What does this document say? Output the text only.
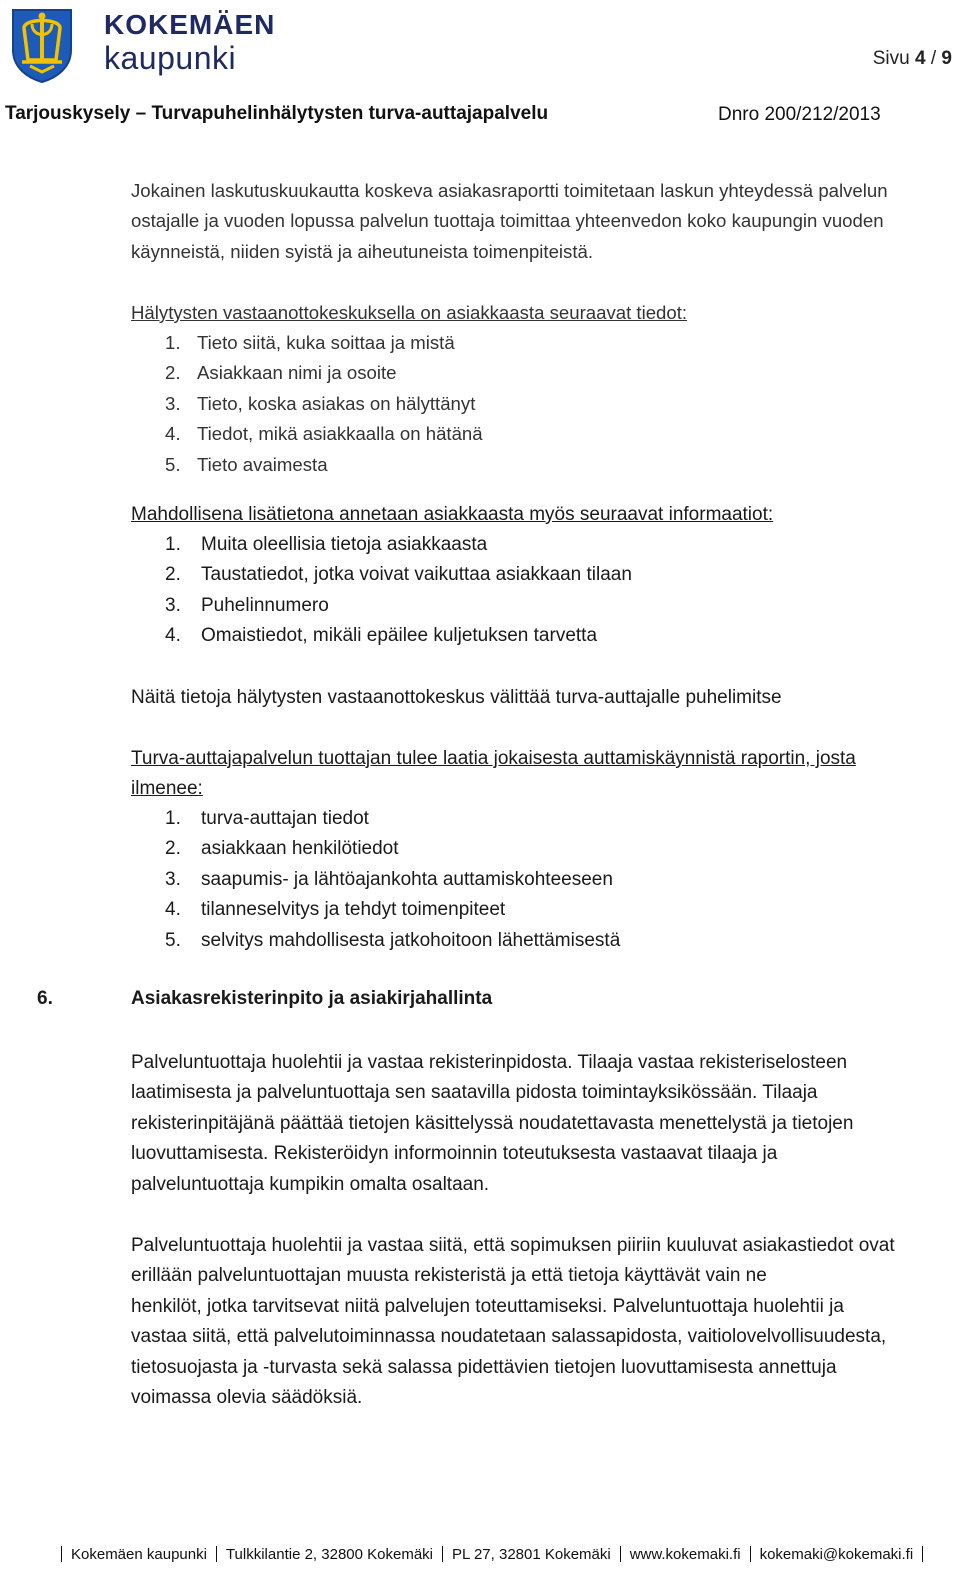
KOKEMÄEN
kaupunki	Sivu 4 / 9
Tarjouskysely – Turvapuhelinhälytysten turva-auttajapalvelu	Dnro 200/212/2013
Jokainen laskutuskuukautta koskeva asiakasraportti toimitetaan laskun yhteydessä palvelun
ostajalle ja vuoden lopussa palvelun tuottaja toimittaa yhteenvedon koko kaupungin vuoden
käynneistä, niiden syistä ja aiheutuneista toimenpiteistä.
Hälytysten vastaanottokeskuksella on asiakkaasta seuraavat tiedot:
1. Tieto siitä, kuka soittaa ja mistä
2. Asiakkaan nimi ja osoite
3. Tieto, koska asiakas on hälyttänyt
4. Tiedot, mikä asiakkaalla on hätänä
5. Tieto avaimesta
Mahdollisena lisätietona annetaan asiakkaasta myös seuraavat informaatiot:
1. Muita oleellisia tietoja asiakkaasta
2. Taustatiedot, jotka voivat vaikuttaa asiakkaan tilaan
3. Puhelinnumero
4. Omaistiedot, mikäli epäilee kuljetuksen tarvetta
Näitä tietoja hälytysten vastaanottokeskus välittää turva-auttajalle puhelimitse
Turva-auttajapalvelun tuottajan tulee laatia jokaisesta auttamiskäynnistä raportin, josta
ilmenee:
1. turva-auttajan tiedot
2. asiakkaan henkilötiedot
3. saapumis- ja lähtöajankohta auttamiskohteeseen
4. tilanneselvitys ja tehdyt toimenpiteet
5. selvitys mahdollisesta jatkohoitoon lähettämisestä
6.	Asiakasrekisterinpito ja asiakirjahallinta
Palveluntuottaja huolehtii ja vastaa rekisterinpidosta. Tilaaja vastaa rekisteriselosteen
laatimisesta ja palveluntuottaja sen saatavilla pidosta toimintayksikössään. Tilaaja
rekisterinpitäjänä päättää tietojen käsittelyssä noudatettavasta menettelystä ja tietojen
luovuttamisesta. Rekisteröidyn informoinnin toteutuksesta vastaavat tilaaja ja
palveluntuottaja kumpikin omalta osaltaan.
Palveluntuottaja huolehtii ja vastaa siitä, että sopimuksen piiriin kuuluvat asiakastiedot ovat
erillään palveluntuottajan muusta rekisteristä ja että tietoja käyttävät vain ne
henkilöt, jotka tarvitsevat niitä palvelujen toteuttamiseksi. Palveluntuottaja huolehtii ja
vastaa siitä, että palvelutoiminnassa noudatetaan salassapidosta, vaitiolovelvollisuudesta,
tietosuojasta ja -turvasta sekä salassa pidettävien tietojen luovuttamisesta annettuja
voimassa olevia säädöksiä.
Kokemäen kaupunki Tulkkilantie 2, 32800 Kokemäki PL 27, 32801 Kokemäki www.kokemaki.fi kokemaki@kokemaki.fi
